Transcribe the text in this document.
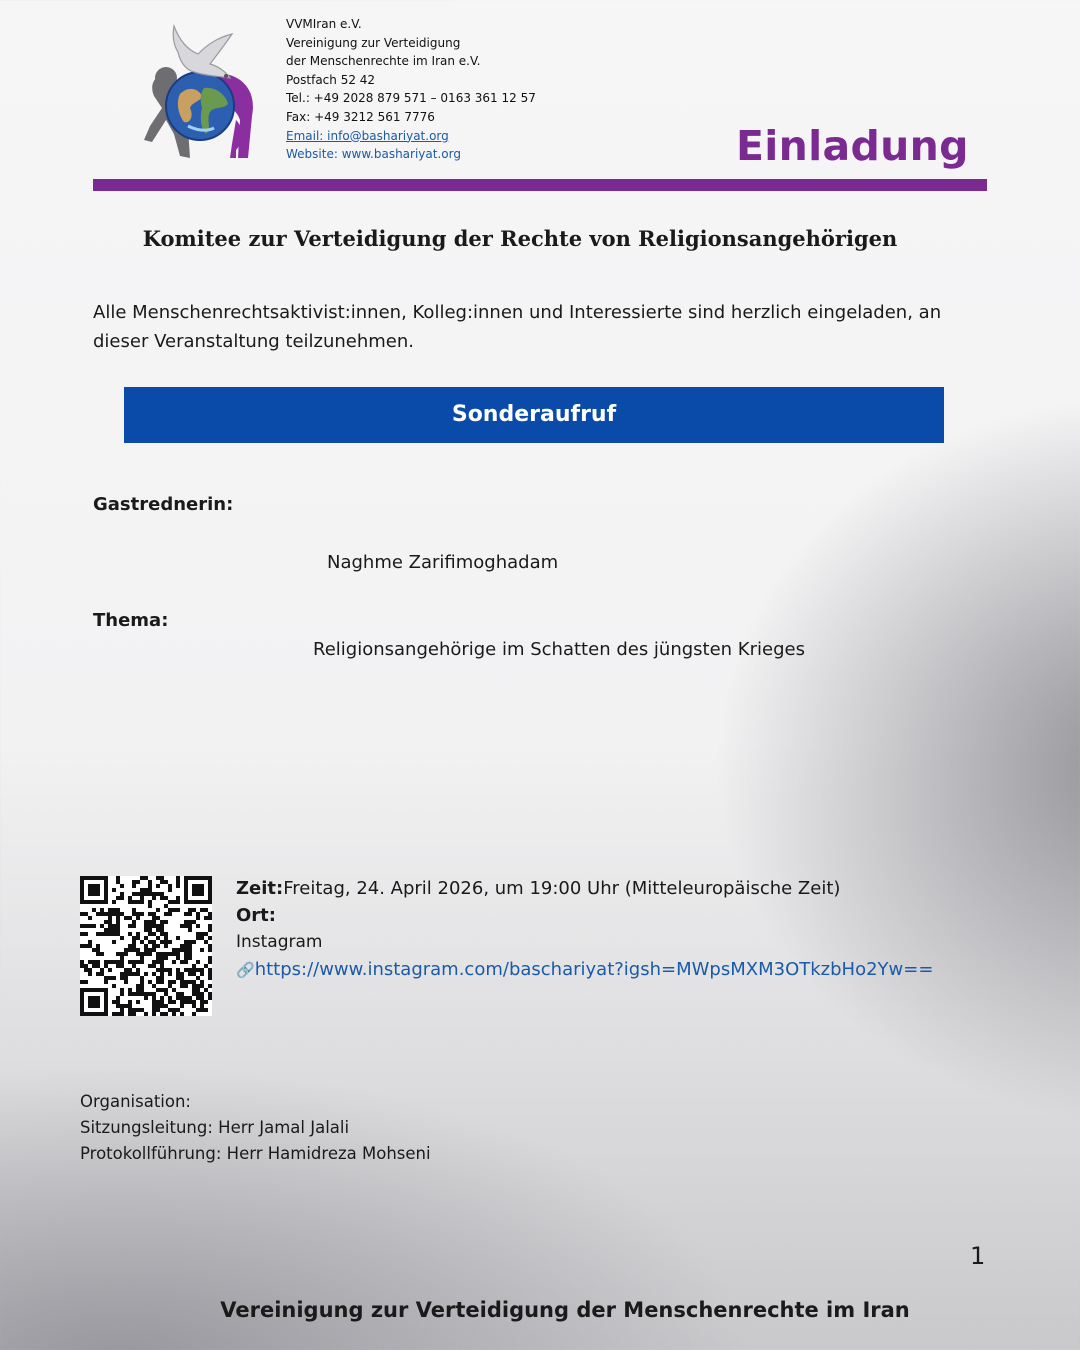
VVMIran e.V.
Vereinigung zur Verteidigung
der Menschenrechte im Iran e.V.
Postfach 52 42
Tel.: +49 2028 879 571 – 0163 361 12 57
Fax: +49 3212 561 7776
Email: info@bashariyat.org
Website: www.bashariyat.org	Einladung
Komitee zur Verteidigung der Rechte von Religionsangehörigen
Alle Menschenrechtsaktivist:innen, Kolleg:innen und Interessierte sind herzlich eingeladen, an dieser Veranstaltung teilzunehmen.
Sonderaufruf
Gastrednerin:
Naghme Zarifimoghadam
Thema:
Religionsangehörige im Schatten des jüngsten Krieges
Zeit:Freitag, 24. April 2026, um 19:00 Uhr (Mitteleuropäische Zeit)
Ort:
Instagram
🔗https://www.instagram.com/baschariyat?igsh=MWpsMXM3OTkzbHo2Yw==
Organisation:
Sitzungsleitung: Herr Jamal Jalali
Protokollführung: Herr Hamidreza Mohseni
1
Vereinigung zur Verteidigung der Menschenrechte im Iran
